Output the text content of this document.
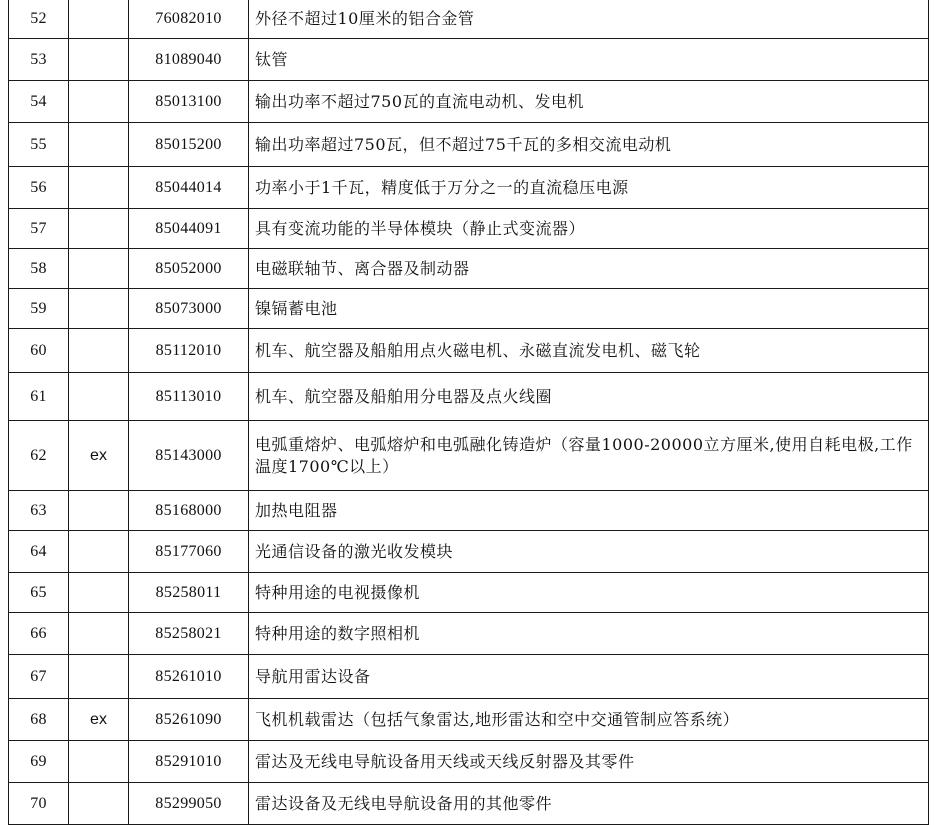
52		76082010	外径不超过10厘米的铝合金管
53		81089040	钛管
54		85013100	输出功率不超过750瓦的直流电动机、发电机
55		85015200	输出功率超过750瓦，但不超过75千瓦的多相交流电动机
56		85044014	功率小于1千瓦，精度低于万分之一的直流稳压电源
57		85044091	具有变流功能的半导体模块（静止式变流器）
58		85052000	电磁联轴节、离合器及制动器
59		85073000	镍镉蓄电池
60		85112010	机车、航空器及船舶用点火磁电机、永磁直流发电机、磁飞轮
61		85113010	机车、航空器及船舶用分电器及点火线圈
62	ex	85143000	电弧重熔炉、电弧熔炉和电弧融化铸造炉（容量1000-20000立方厘米,使用自耗电极,工作温度1700℃以上）
63		85168000	加热电阻器
64		85177060	光通信设备的激光收发模块
65		85258011	特种用途的电视摄像机
66		85258021	特种用途的数字照相机
67		85261010	导航用雷达设备
68	ex	85261090	飞机机载雷达（包括气象雷达,地形雷达和空中交通管制应答系统）
69		85291010	雷达及无线电导航设备用天线或天线反射器及其零件
70		85299050	雷达设备及无线电导航设备用的其他零件
